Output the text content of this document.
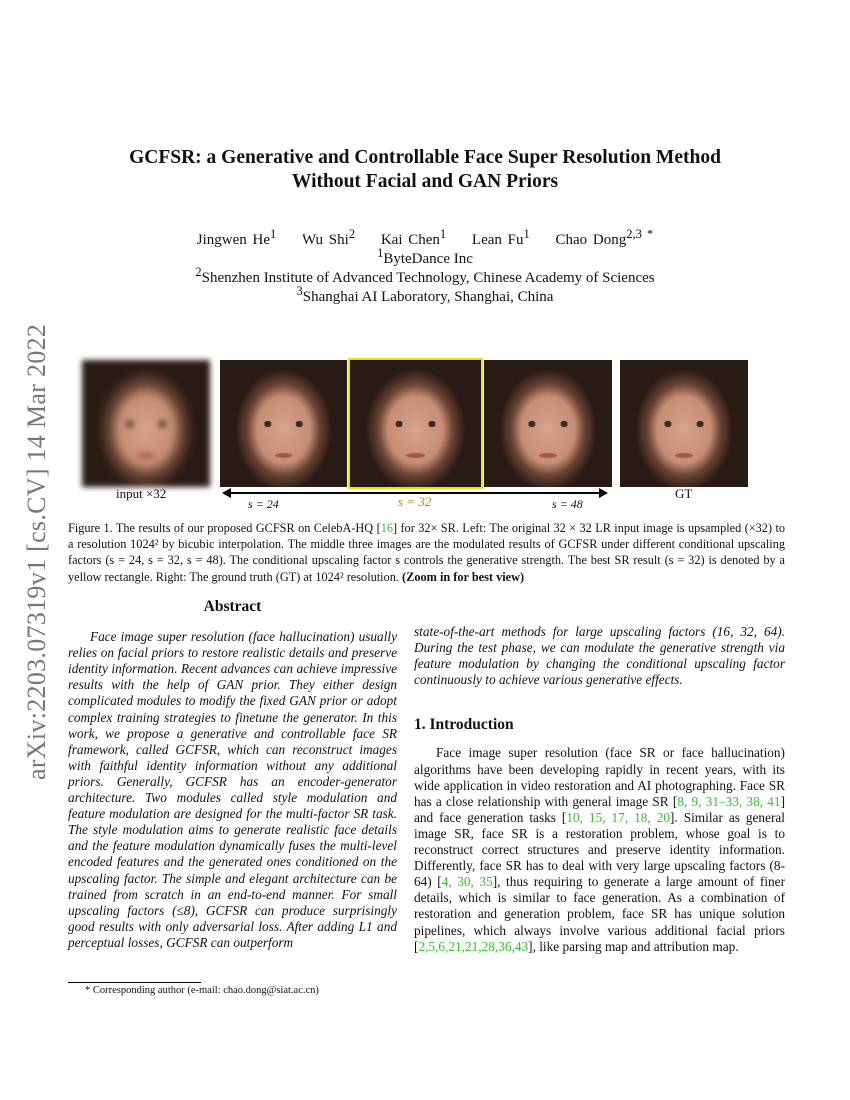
arXiv:2203.07319v1 [cs.CV] 14 Mar 2022
GCFSR: a Generative and Controllable Face Super Resolution Method
Without Facial and GAN Priors
Jingwen He$^1$ Wu Shi$^2$ Kai Chen$^1$ Lean Fu$^1$ Chao Dong$^{2,3 *}$
$^1$ByteDance Inc
$^2$Shenzhen Institute of Advanced Technology, Chinese Academy of Sciences
$^3$Shanghai AI Laboratory, Shanghai, China
input ×32	GT
s = 24	s = 32	s = 48
Figure 1. The results of our proposed GCFSR on CelebA-HQ [16] for 32× SR. Left: The original 32 × 32 LR input image is upsampled (×32) to a resolution 1024² by bicubic interpolation. The middle three images are the modulated results of GCFSR under different conditional upscaling factors (s = 24, s = 32, s = 48). The conditional upscaling factor s controls the generative strength. The best SR result (s = 32) is denoted by a yellow rectangle. Right: The ground truth (GT) at 1024² resolution. (Zoom in for best view)
Abstract

Face image super resolution (face hallucination) usually relies on facial priors to restore realistic details and preserve identity information. Recent advances can achieve impressive results with the help of GAN prior. They either design complicated modules to modify the fixed GAN prior or adopt complex training strategies to finetune the generator. In this work, we propose a generative and controllable face SR framework, called GCFSR, which can reconstruct images with faithful identity information without any additional priors. Generally, GCFSR has an encoder-generator architecture. Two modules called style modulation and feature modulation are designed for the multi-factor SR task. The style modulation aims to generate realistic face details and the feature modulation dynamically fuses the multi-level encoded features and the generated ones conditioned on the upscaling factor. The simple and elegant architecture can be trained from scratch in an end-to-end manner. For small upscaling factors (≤8), GCFSR can produce surprisingly good results with only adversarial loss. After adding L1 and perceptual losses, GCFSR can outperform

state-of-the-art methods for large upscaling factors (16, 32, 64). During the test phase, we can modulate the generative strength via feature modulation by changing the conditional upscaling factor continuously to achieve various generative effects.
1. Introduction

Face image super resolution (face SR or face hallucination) algorithms have been developing rapidly in recent years, with its wide application in video restoration and AI photographing. Face SR has a close relationship with general image SR [8, 9, 31–33, 38, 41] and face generation tasks [10, 15, 17, 18, 20]. Similar as general image SR, face SR is a restoration problem, whose goal is to reconstruct correct structures and preserve identity information. Differently, face SR has to deal with very large upscaling factors (8-64) [4, 30, 35], thus requiring to generate a large amount of finer details, which is similar to face generation. As a combination of restoration and generation problem, face SR has unique solution pipelines, which always involve various additional facial priors [2,5,6,21,21,28,36,43], like parsing map and attribution map.

* Corresponding author (e-mail: chao.dong@siat.ac.cn)
